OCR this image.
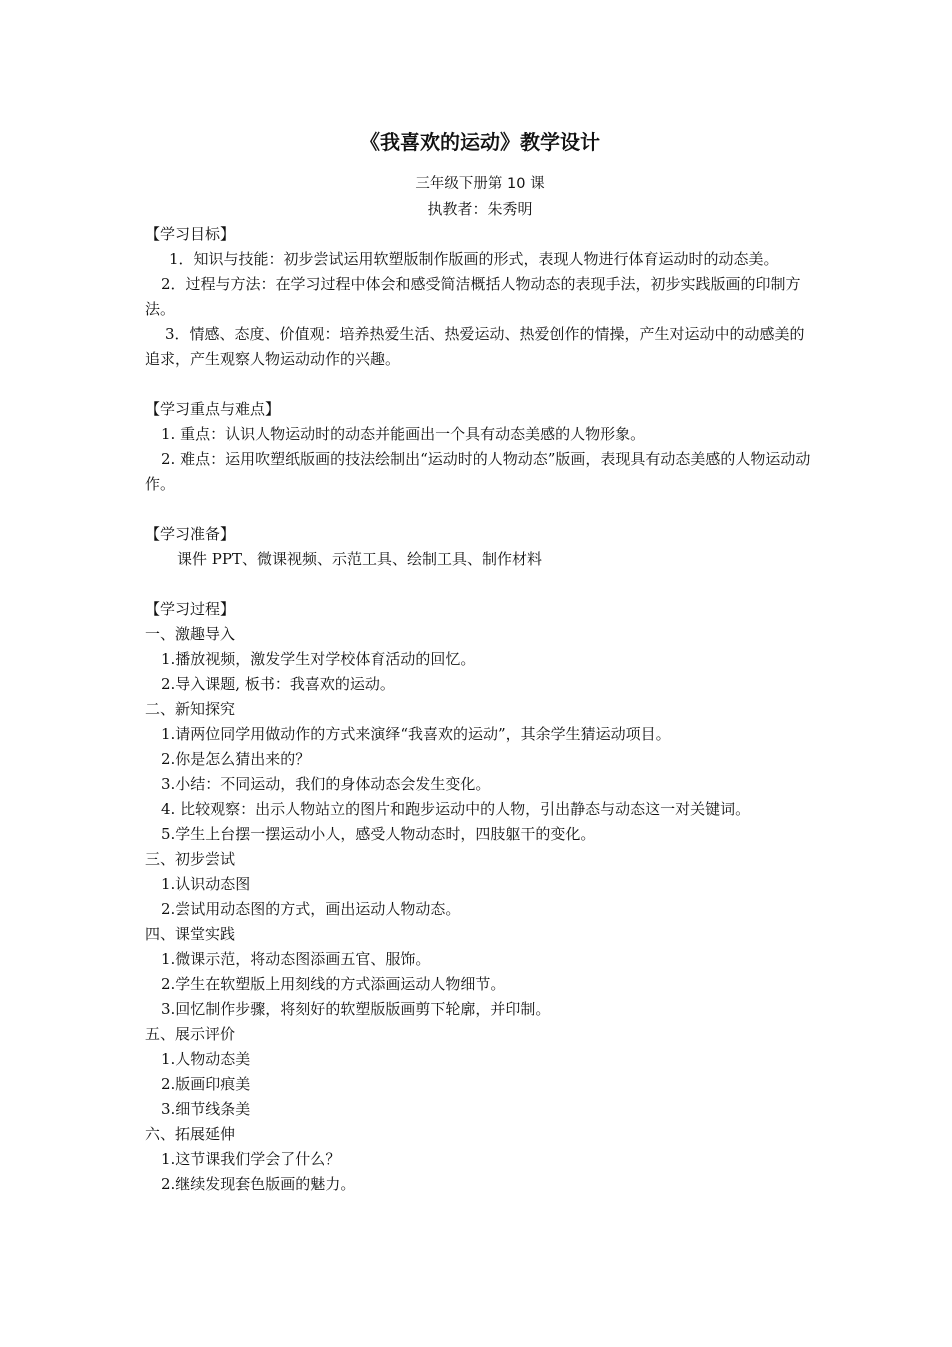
《我喜欢的运动》教学设计
三年级下册第 10 课
执教者：朱秀明
【学习目标】

1．知识与技能：初步尝试运用软塑版制作版画的形式，表现人物进行体育运动时的动态美。

2．过程与方法：在学习过程中体会和感受简洁概括人物动态的表现手法，初步实践版画的印制方法。

3．情感、态度、价值观：培养热爱生活、热爱运动、热爱创作的情操，产生对运动中的动感美的追求，产生观察人物运动动作的兴趣。

【学习重点与难点】

1. 重点：认识人物运动时的动态并能画出一个具有动态美感的人物形象。

2. 难点：运用吹塑纸版画的技法绘制出“运动时的人物动态”版画，表现具有动态美感的人物运动动作。

【学习准备】

课件 PPT、微课视频、示范工具、绘制工具、制作材料

【学习过程】
一、激趣导入

1.播放视频，激发学生对学校体育活动的回忆。

2.导入课题, 板书：我喜欢的运动。

二、新知探究

1.请两位同学用做动作的方式来演绎“我喜欢的运动”，其余学生猜运动项目。

2.你是怎么猜出来的？

3.小结：不同运动，我们的身体动态会发生变化。

4. 比较观察：出示人物站立的图片和跑步运动中的人物，引出静态与动态这一对关键词。

5.学生上台摆一摆运动小人，感受人物动态时，四肢躯干的变化。

三、初步尝试

1.认识动态图

2.尝试用动态图的方式，画出运动人物动态。

四、课堂实践

1.微课示范，将动态图添画五官、服饰。

2.学生在软塑版上用刻线的方式添画运动人物细节。

3.回忆制作步骤，将刻好的软塑版版画剪下轮廓，并印制。

五、展示评价

1.人物动态美

2.版画印痕美

3.细节线条美

六、拓展延伸

1.这节课我们学会了什么？

2.继续发现套色版画的魅力。
